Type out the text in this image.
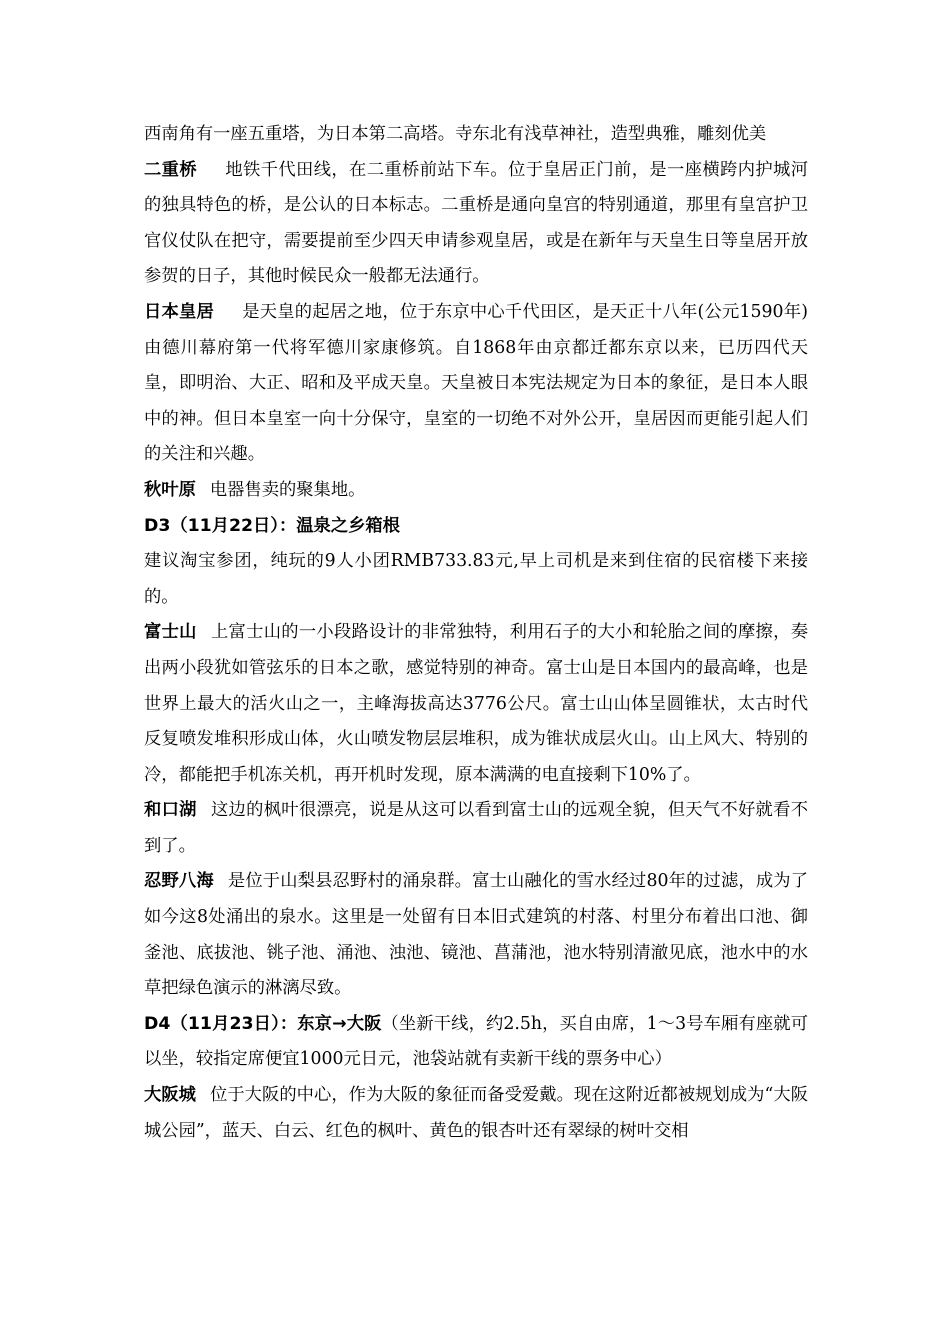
西南角有一座五重塔，为日本第二高塔。寺东北有浅草神社，造型典雅，雕刻优美

二重桥 地铁千代田线，在二重桥前站下车。位于皇居正门前，是一座横跨内护城河的独具特色的桥，是公认的日本标志。二重桥是通向皇宫的特别通道，那里有皇宫护卫官仪仗队在把守，需要提前至少四天申请参观皇居，或是在新年与天皇生日等皇居开放参贺的日子，其他时候民众一般都无法通行。

日本皇居 是天皇的起居之地，位于东京中心千代田区，是天正十八年(公元1590年)由德川幕府第一代将军德川家康修筑。自1868年由京都迁都东京以来，已历四代天皇，即明治、大正、昭和及平成天皇。天皇被日本宪法规定为日本的象征，是日本人眼中的神。但日本皇室一向十分保守，皇室的一切绝不对外公开，皇居因而更能引起人们的关注和兴趣。

秋叶原 电器售卖的聚集地。

D3（11月22日）：温泉之乡箱根

建议淘宝参团，纯玩的9人小团RMB733.83元,早上司机是来到住宿的民宿楼下来接的。

富士山 上富士山的一小段路设计的非常独特，利用石子的大小和轮胎之间的摩擦，奏出两小段犹如管弦乐的日本之歌，感觉特别的神奇。富士山是日本国内的最高峰，也是世界上最大的活火山之一，主峰海拔高达3776公尺。富士山山体呈圆锥状，太古时代反复喷发堆积形成山体，火山喷发物层层堆积，成为锥状成层火山。山上风大、特别的冷，都能把手机冻关机，再开机时发现，原本满满的电直接剩下10%了。

和口湖 这边的枫叶很漂亮，说是从这可以看到富士山的远观全貌，但天气不好就看不到了。

忍野八海 是位于山梨县忍野村的涌泉群。富士山融化的雪水经过80年的过滤，成为了如今这8处涌出的泉水。这里是一处留有日本旧式建筑的村落、村里分布着出口池、御釜池、底拔池、铫子池、涌池、浊池、镜池、菖蒲池，池水特别清澈见底，池水中的水草把绿色演示的淋漓尽致。

D4（11月23日）：东京→大阪（坐新干线，约2.5h，买自由席，1～3号车厢有座就可以坐，较指定席便宜1000元日元，池袋站就有卖新干线的票务中心）

大阪城 位于大阪的中心，作为大阪的象征而备受爱戴。现在这附近都被规划成为“大阪城公园”，蓝天、白云、红色的枫叶、黄色的银杏叶还有翠绿的树叶交相
